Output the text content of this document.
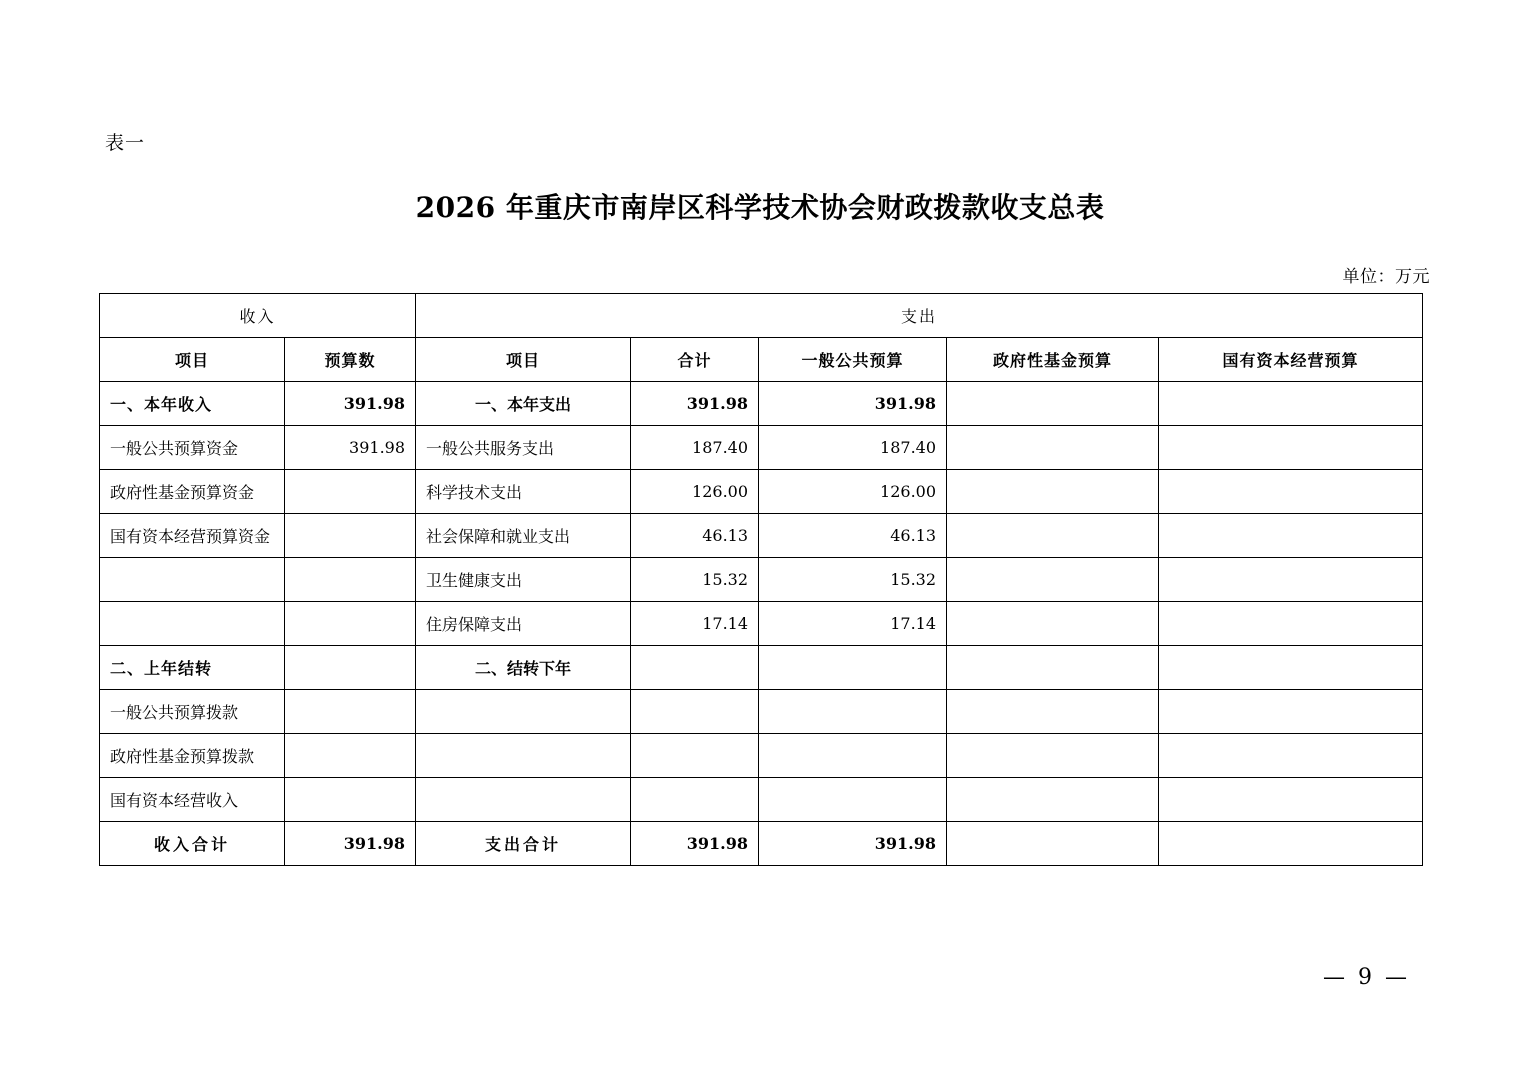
表一
2026 年重庆市南岸区科学技术协会财政拨款收支总表
单位：万元
收入		支出				
项目	预算数	项目	合计	一般公共预算	政府性基金预算	国有资本经营预算
一、本年收入	391.98	一、本年支出	391.98	391.98		
一般公共预算资金	391.98	一般公共服务支出	187.40	187.40		
政府性基金预算资金		科学技术支出	126.00	126.00		
国有资本经营预算资金		社会保障和就业支出	46.13	46.13		
		卫生健康支出	15.32	15.32		
		住房保障支出	17.14	17.14		
二、上年结转		二、结转下年				
一般公共预算拨款						
政府性基金预算拨款						
国有资本经营收入						
收入合计	391.98	支出合计	391.98	391.98		
— 9 —
